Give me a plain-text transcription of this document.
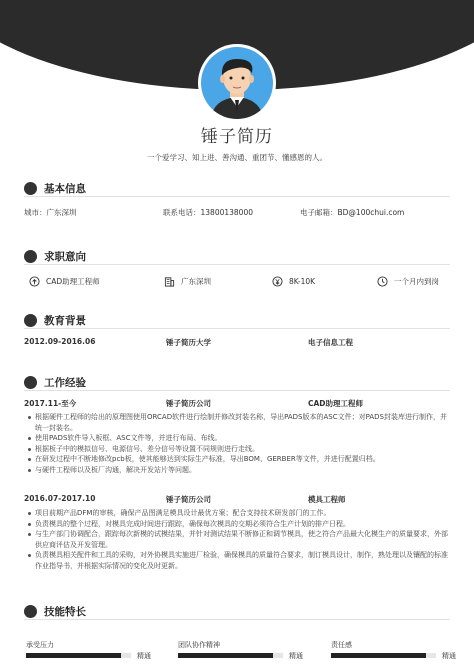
锤子简历
一个爱学习、知上进、善沟通、重团节、懂感恩的人。
基本信息
城市：广东深圳	联系电话：13800138000	电子邮箱：BD@100chui.com
求职意向
CAD助理工程师	广东深圳	8K-10K	一个月内到岗
教育背景
2012.09-2016.06	锤子简历大学	电子信息工程
工作经验
2017.11-至今	锤子简历公司	CAD助理工程师
根据硬件工程师的给出的原理图使用ORCAD软件进行绘制并修改封装名称，导出PADS版本的ASC文件；对PADS封装库进行制作，并统一封装名。
使用PADS软件导入板框、ASC文件等，并进行布局、布线。
根据板子中的模拟信号、电源信号、差分信号等设置不同规则进行走线。
在研发过程中不断地修改pcb板，使其能够达到实际生产标准，导出BOM、GERBER等文件，并进行配置归档。
与硬件工程师以及板厂沟通，解决开发站片等问题。
2016.07-2017.10	锤子简历公司	模具工程师
项目前期产品DFM的审核，确保产品图满足模具设计最优方案；配合支持技术研发部门的工作。
负责模具的整个过程，对模具完成时间进行跟踪，确保每次模具的交期必须符合生产计划的排产日程。
与生产部门协调配合，跟踪每次新模的试模结果，并针对测试结果不断修正和调节模具，使之符合产品最大化模生产的质量要求，外部供应商评估及开发管理。
负责模具相关配件和工具的采购，对外协模具实施进厂检验，确保模具的质量符合要求，制订模具设计，制作，熟处理以及镶配的标准作业指导书，并根据实际情况的变化及时更新。
技能特长
承受压力
精通
团队协作精神
精通
责任感
精通
